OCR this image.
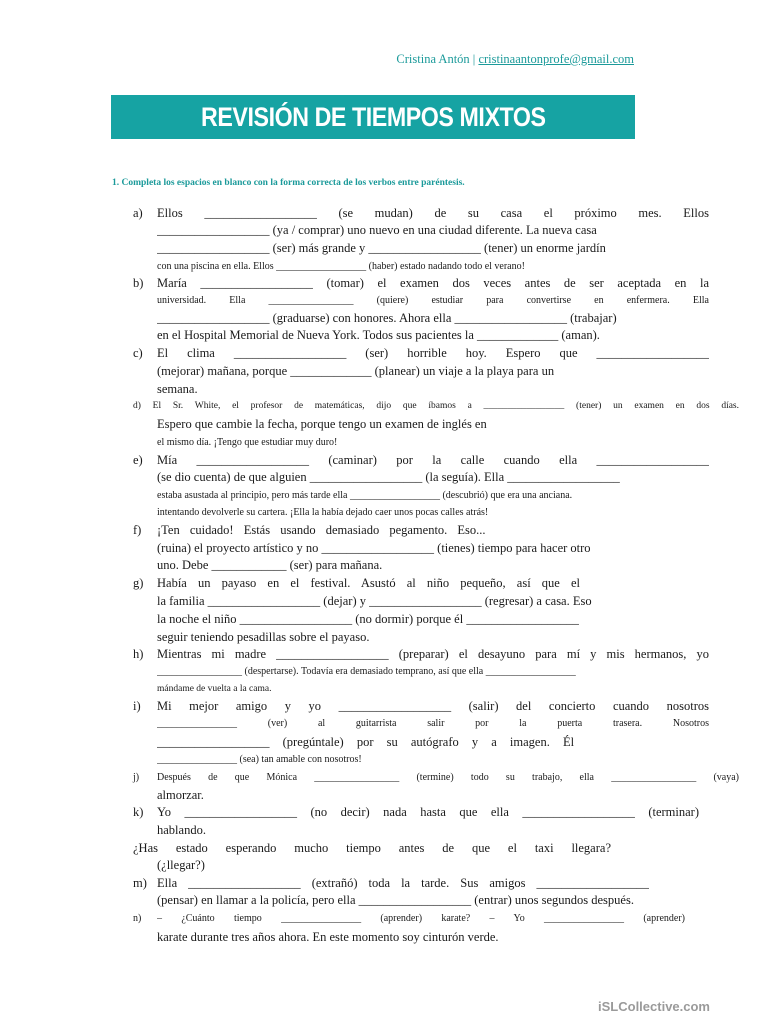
Cristina Antón | cristinaantonprofe@gmail.com
REVISIÓN DE TIEMPOS MIXTOS
1. Completa los espacios en blanco con la forma correcta de los verbos entre paréntesis.
a) Ellos __________________ (se mudan) de su casa el próximo mes. Ellos
__________________ (ya / comprar) uno nuevo en una ciudad diferente. La nueva casa
__________________ (ser) más grande y __________________ (tener) un enorme jardín
con una piscina en ella. Ellos __________________ (haber) estado nadando todo el verano!
b) María __________________ (tomar) el examen dos veces antes de ser aceptada en la
universidad. Ella _________________ (quiere) estudiar para convertirse en enfermera. Ella
__________________ (graduarse) con honores. Ahora ella __________________ (trabajar)
en el Hospital Memorial de Nueva York. Todos sus pacientes la _____________ (aman).
c) El clima __________________ (ser) horrible hoy. Espero que __________________
(mejorar) mañana, porque _____________ (planear) un viaje a la playa para un
semana.
d) El Sr. White, el profesor de matemáticas, dijo que íbamos a _________________ (tener) un examen en dos días.
Espero que cambie la fecha, porque tengo un examen de inglés en
el mismo día. ¡Tengo que estudiar muy duro!
e) Mía __________________ (caminar) por la calle cuando ella __________________
(se dio cuenta) de que alguien __________________ (la seguía). Ella __________________
estaba asustada al principio, pero más tarde ella __________________ (descubrió) que era una anciana.
intentando devolverle su cartera. ¡Ella la había dejado caer unos pocas calles atrás!
f) ¡Ten cuidado! Estás usando demasiado pegamento. Eso...
(ruina) el proyecto artístico y no __________________ (tienes) tiempo para hacer otro
uno. Debe ____________ (ser) para mañana.
g) Había un payaso en el festival. Asustó al niño pequeño, así que el
la familia __________________ (dejar) y __________________ (regresar) a casa. Eso
la noche el niño __________________ (no dormir) porque él __________________
seguir teniendo pesadillas sobre el payaso.
h) Mientras mi madre __________________ (preparar) el desayuno para mí y mis hermanos, yo
_________________ (despertarse). Todavía era demasiado temprano, así que ella __________________
mándame de vuelta a la cama.
i) Mi mejor amigo y yo __________________ (salir) del concierto cuando nosotros
________________ (ver) al guitarrista salir por la puerta trasera. Nosotros
__________________ (pregúntale) por su autógrafo y a imagen. Él
________________ (sea) tan amable con nosotros!
j) Después de que Mónica _________________ (termine) todo su trabajo, ella _________________ (vaya)
almorzar.
k) Yo __________________ (no decir) nada hasta que ella __________________ (terminar)
hablando.
¿Has estado esperando mucho tiempo antes de que el taxi llegara?
(¿llegar?)
m) Ella __________________ (extrañó) toda la tarde. Sus amigos __________________
(pensar) en llamar a la policía, pero ella __________________ (entrar) unos segundos después.
n) – ¿Cuánto tiempo ________________ (aprender) karate? – Yo ________________ (aprender)
karate durante tres años ahora. En este momento soy cinturón verde.
iSLCollective.com
